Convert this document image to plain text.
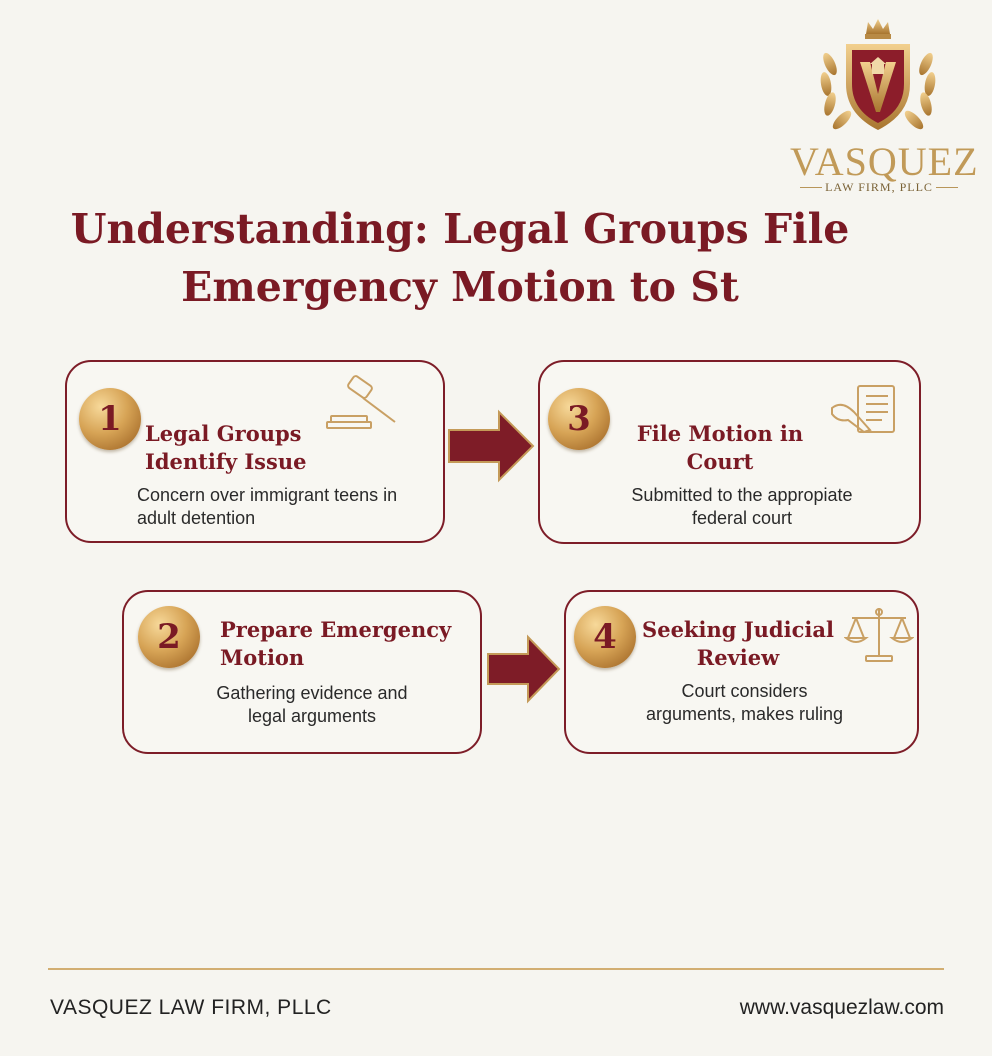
VASQUEZ
LAW FIRM, PLLC
Understanding: Legal Groups File
Emergency Motion to St
1	Legal Groups
Identify Issue

Concern over immigrant teens in
adult detention

3	File Motion in
Court

Submitted to the appropiate
federal court

2	Prepare Emergency
Motion

Gathering evidence and
legal arguments

4	Seeking Judicial
Review

Court considers
arguments, makes ruling

VASQUEZ LAW FIRM, PLLC	www.vasquezlaw.com
